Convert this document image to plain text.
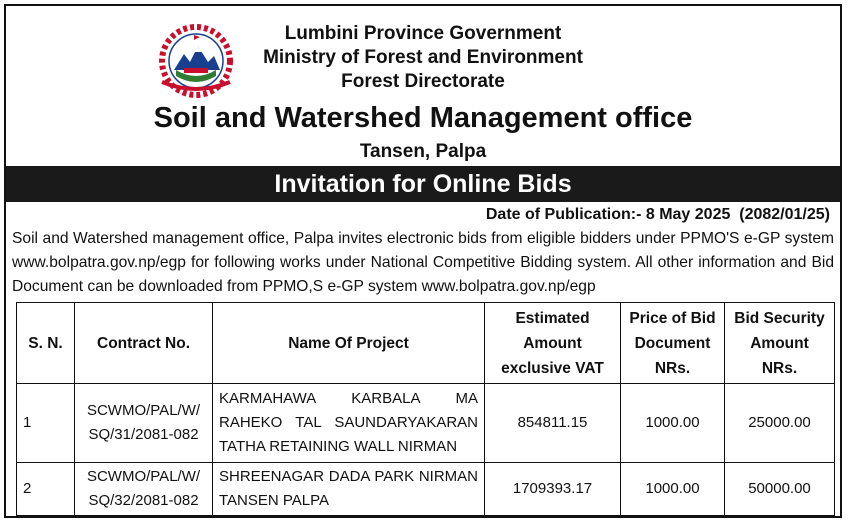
Lumbini Province Government
Ministry of Forest and Environment
Forest Directorate
Soil and Watershed Management office
Tansen, Palpa
Invitation for Online Bids
Date of Publication:- 8 May 2025  (2082/01/25)
Soil and Watershed management office, Palpa invites electronic bids from eligible bidders under PPMO'S e-GP system www.bolpatra.gov.np/egp for following works under National Competitive Bidding system. All other information and Bid Document can be downloaded from PPMO,S e-GP system www.bolpatra.gov.np/egp
S. N.	Contract No.	Name Of Project	Estimated Amount exclusive VAT	Price of Bid Document NRs.	Bid Security Amount NRs.
1	SCWMO/PAL/W/ SQ/31/2081-082	KARMAHAWA KARBALA MA RAHEKO TAL SAUNDARYAKARAN TATHA RETAINING WALL NIRMAN	854811.15	1000.00	25000.00
2	SCWMO/PAL/W/ SQ/32/2081-082	SHREENAGAR DADA PARK NIRMAN TANSEN PALPA	1709393.17	1000.00	50000.00
